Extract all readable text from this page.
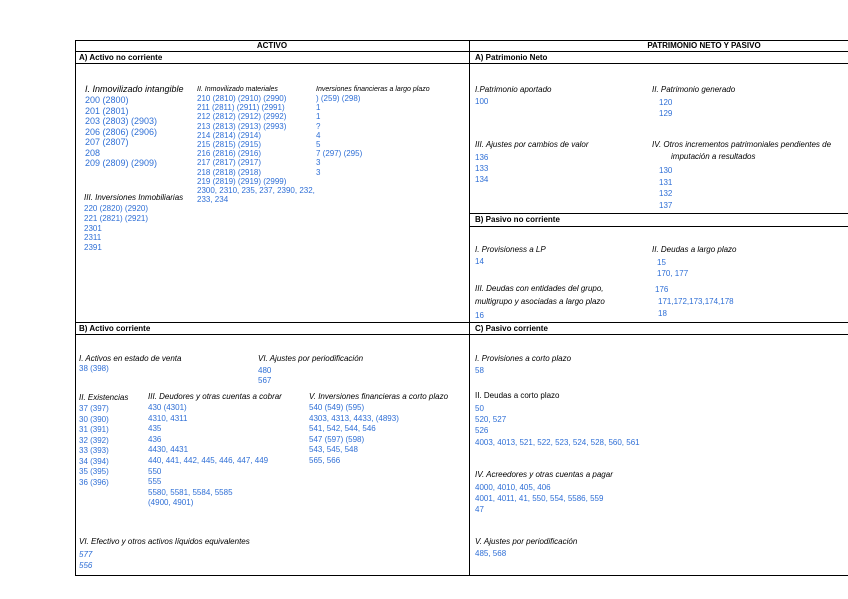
ACTIVO	PATRIMONIO NETO Y PASIVO
A) Activo no corriente
I. Inmovilizado intangible
200 (2800)
201 (2801)
203 (2803) (2903)
206 (2806) (2906)
207 (2807)
208
209 (2809) (2909)
II. Inmovilizado materiales
210 (2810) (2910) (2990)
211 (2811) (2911) (2991)
212 (2812) (2912) (2992)
213 (2813) (2913) (2993)
214 (2814) (2914)
215 (2815) (2915)
216 (2816) (2916)
217 (2817) (2917)
218 (2818) (2918)
219 (2819) (2919) (2999)
2300, 2310, 235, 237, 2390, 232,
233, 234
Inversiones financieras a largo plazo
) (259) (298)
1
1
?
4
5
7 (297) (295)
3
3
III. Inversiones Inmobiliarias
220 (2820) (2920)
221 (2821) (2921)
2301
2311
2391
B) Activo corriente
I. Activos en estado de venta
38 (398)
VI. Ajustes por periodificación
480
567
II. Existencias
37 (397)
30 (390)
31 (391)
32 (392)
33 (393)
34 (394)
35 (395)
36 (396)
III. Deudores y otras cuentas a cobrar
430 (4301)
4310, 4311
435
436
4430, 4431
440, 441, 442, 445, 446, 447, 449
550
555
5580, 5581, 5584, 5585
(4900, 4901)
V. Inversiones financieras a corto plazo
540 (549) (595)
4303, 4313, 4433, (4893)
541, 542, 544, 546
547 (597) (598)
543, 545, 548
565, 566
VI. Efectivo y otros activos líquidos equivalentes
577
556
A) Patrimonio Neto
I.Patrimonio aportado
100
II. Patrimonio generado
120
129
III. Ajustes por cambios de valor
136
133
134
IV. Otros incrementos patrimoniales pendientes de
imputación a resultados
130
131
132
137
B) Pasivo no corriente
I. Provisioness a LP
14
II. Deudas a largo plazo
15
170, 177
III. Deudas con entidades del grupo,
multigrupo y asociadas a largo plazo
16
176
171,172,173,174,178
18
C) Pasivo corriente
I. Provisiones a corto plazo
58
II. Deudas a corto plazo
50
520, 527
526
4003, 4013, 521, 522, 523, 524, 528, 560, 561
IV. Acreedores y otras cuentas a pagar
4000, 4010, 405, 406
4001, 4011, 41, 550, 554, 5586, 559
47
V. Ajustes por periodificación
485, 568
